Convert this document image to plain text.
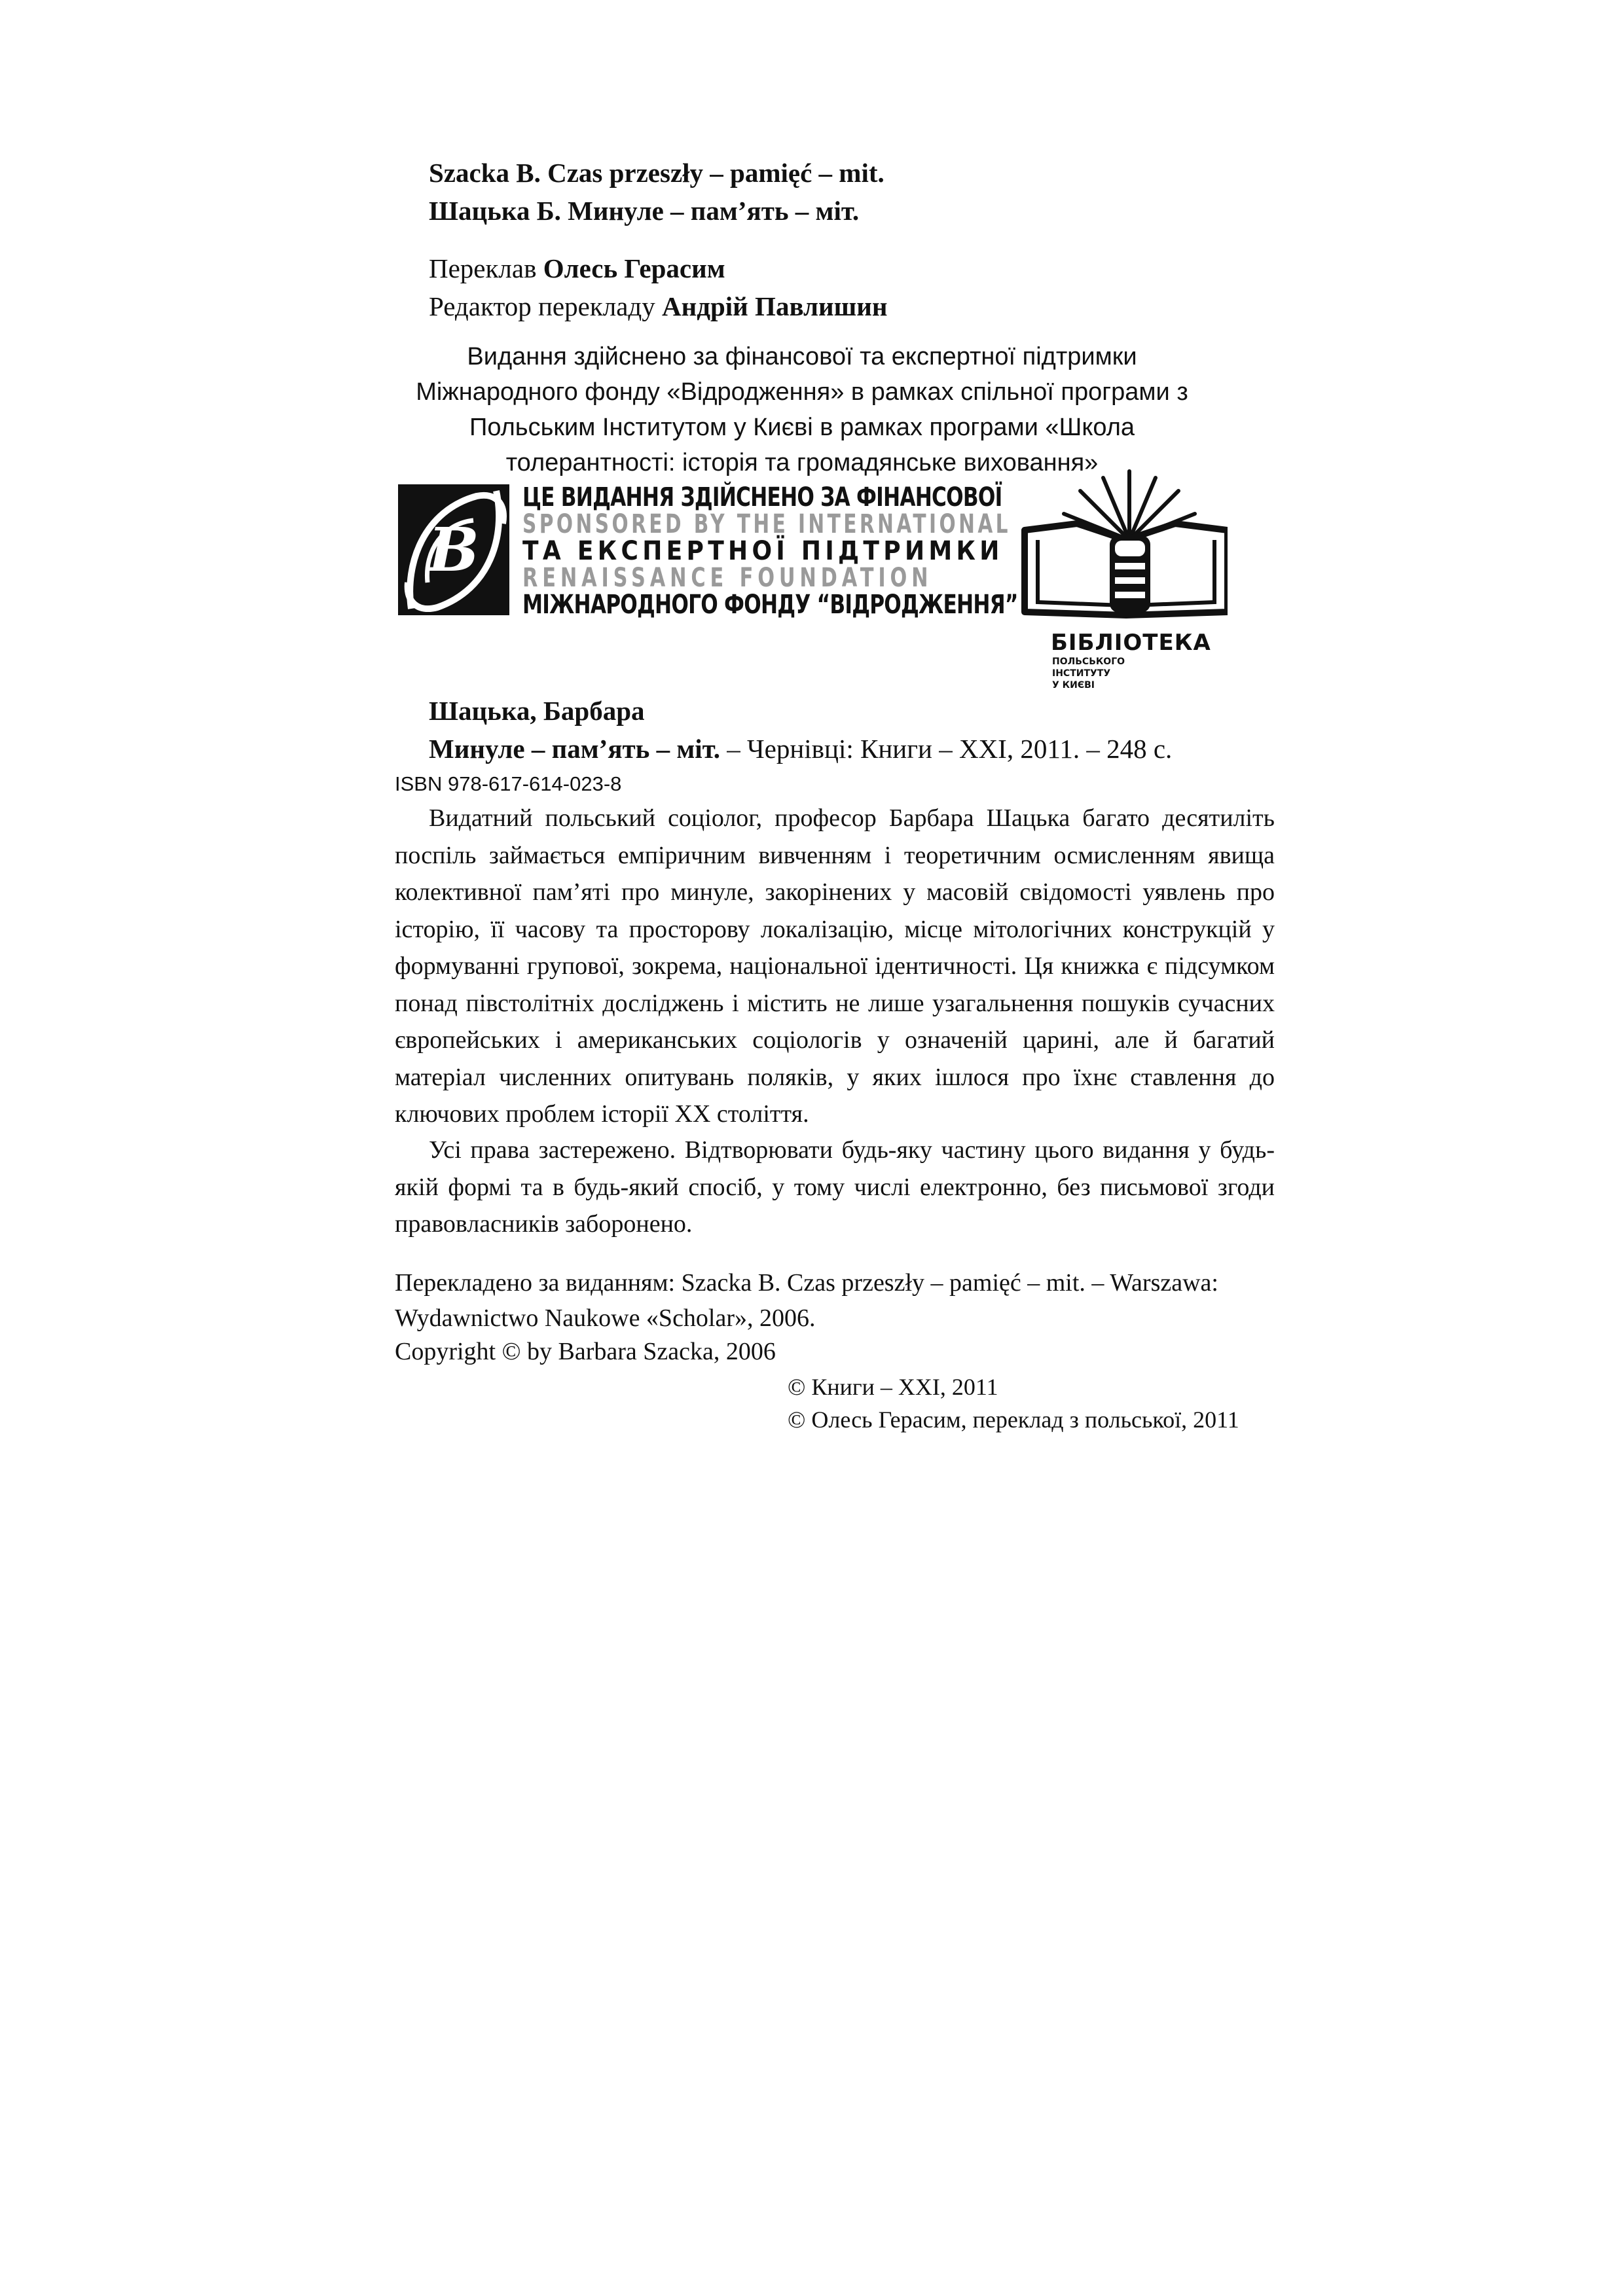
Szacka B. Czas przeszły – pamięć – mit.
Шацька Б. Минуле – пам’ять – міт.
Переклав Олесь Герасим
Редактор перекладу Андрій Павлишин
Видання здійснено за фінансової та експертної підтримки
Міжнародного фонду «Відродження» в рамках спільної програми з
Польським Інститутом у Києві в рамках програми «Школа
толерантності: історія та громадянське виховання»
В
ЦЕ ВИДАННЯ ЗДІЙСНЕНО ЗА ФІНАНСОВОЇ
SPONSORED BY THE INTERNATIONAL
ТА ЕКСПЕРТНОЇ ПІДТРИМКИ
RENAISSANCE FOUNDATION
МІЖНАРОДНОГО ФОНДУ “ВІДРОДЖЕННЯ”
БІБЛІОТЕКА
ПОЛЬСЬКОГО
ІНСТИТУТУ
У КИЄВІ
Шацька, Барбара
Минуле – пам’ять – міт. – Чернівці: Книги – XXI, 2011. – 248 с.
ISBN 978-617-614-023-8
Видатний польський соціолог, професор Барбара Шацька багато десятиліть поспіль займається емпіричним вивченням і теоретичним осмисленням явища колективної пам’яті про минуле, закорінених у масовій свідомості уявлень про історію, її часову та просторову локалізацію, місце мітологічних конструкцій у формуванні групової, зокрема, національної ідентичності. Ця книжка є підсумком понад півстолітніх досліджень і містить не лише узагальнення пошуків сучасних європейських і американських соціологів у означеній царині, але й багатий матеріал численних опитувань поляків, у яких ішлося про їхнє ставлення до ключових проблем історії ХХ століття.
Усі права застережено. Відтворювати будь-яку частину цього видання у будь-якій формі та в будь-який спосіб, у тому числі електронно, без письмової згоди правовласників заборонено.
Перекладено за виданням: Szacka B. Czas przeszły – pamięć – mit. – Warszawa: Wydawnictwo Naukowe «Scholar», 2006.
Copyright © by Barbara Szacka, 2006
© Книги – XXI, 2011
© Олесь Герасим, переклад з польської, 2011
